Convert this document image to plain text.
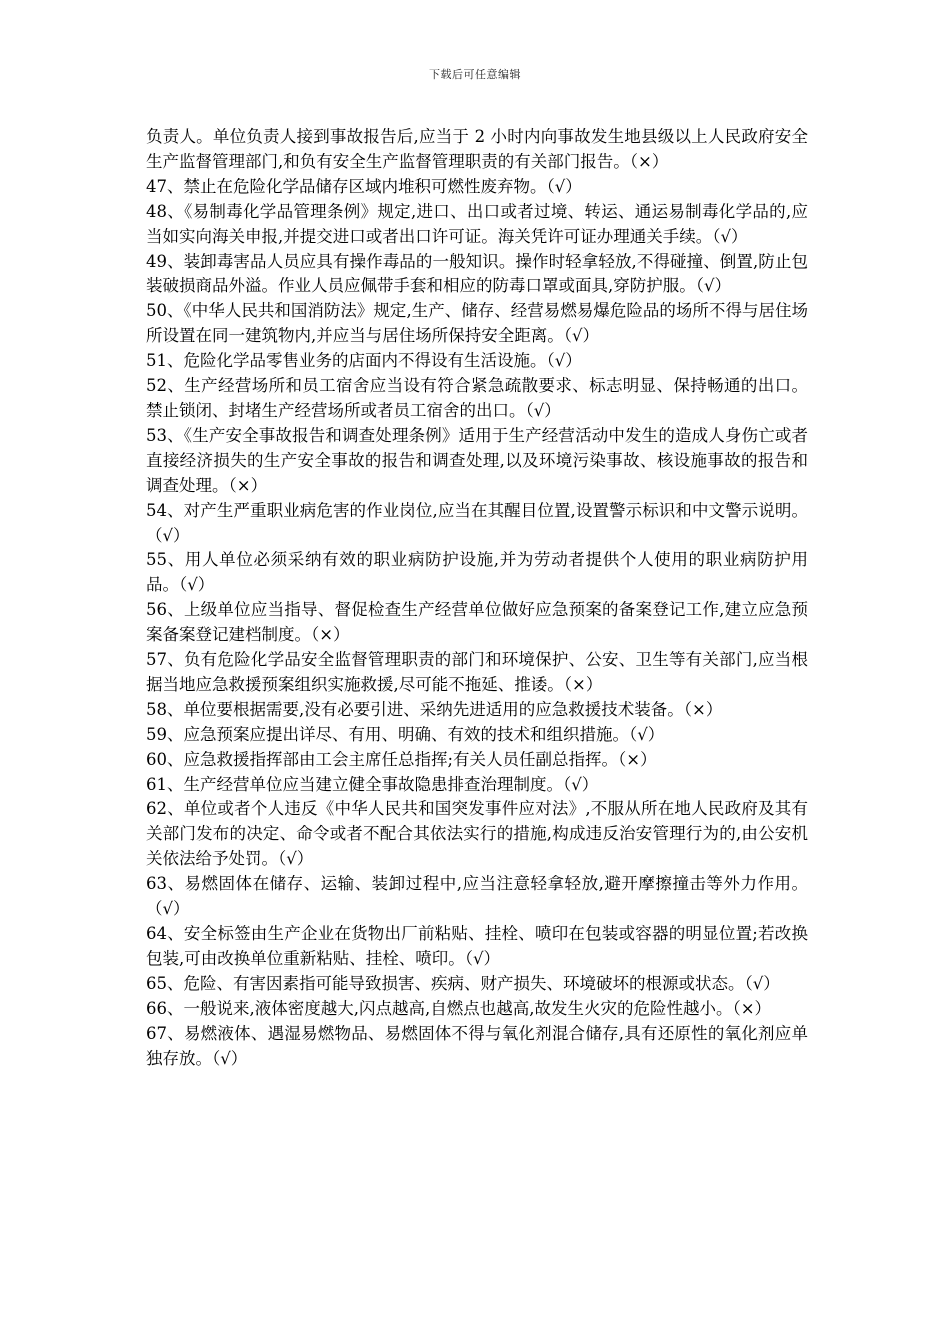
下载后可任意编辑

负责人。单位负责人接到事故报告后,应当于 2 小时内向事故发生地县级以上人民政府安全生产监督管理部门,和负有安全生产监督管理职责的有关部门报告。（×）

47、禁止在危险化学品储存区域内堆积可燃性废弃物。（√）

48、《易制毒化学品管理条例》规定,进口、出口或者过境、转运、通运易制毒化学品的,应当如实向海关申报,并提交进口或者出口许可证。海关凭许可证办理通关手续。（√）

49、装卸毒害品人员应具有操作毒品的一般知识。操作时轻拿轻放,不得碰撞、倒置,防止包装破损商品外溢。作业人员应佩带手套和相应的防毒口罩或面具,穿防护服。（√）

50、《中华人民共和国消防法》规定,生产、储存、经营易燃易爆危险品的场所不得与居住场所设置在同一建筑物内,并应当与居住场所保持安全距离。（√）

51、危险化学品零售业务的店面内不得设有生活设施。（√）

52、生产经营场所和员工宿舍应当设有符合紧急疏散要求、标志明显、保持畅通的出口。禁止锁闭、封堵生产经营场所或者员工宿舍的出口。（√）

53、《生产安全事故报告和调查处理条例》适用于生产经营活动中发生的造成人身伤亡或者直接经济损失的生产安全事故的报告和调查处理,以及环境污染事故、核设施事故的报告和调查处理。（×）

54、对产生严重职业病危害的作业岗位,应当在其醒目位置,设置警示标识和中文警示说明。（√）

55、用人单位必须采纳有效的职业病防护设施,并为劳动者提供个人使用的职业病防护用品。（√）

56、上级单位应当指导、督促检查生产经营单位做好应急预案的备案登记工作,建立应急预案备案登记建档制度。（×）

57、负有危险化学品安全监督管理职责的部门和环境保护、公安、卫生等有关部门,应当根据当地应急救援预案组织实施救援,尽可能不拖延、推诿。（×）

58、单位要根据需要,没有必要引进、采纳先进适用的应急救援技术装备。（×）

59、应急预案应提出详尽、有用、明确、有效的技术和组织措施。（√）

60、应急救援指挥部由工会主席任总指挥;有关人员任副总指挥。（×）

61、生产经营单位应当建立健全事故隐患排查治理制度。（√）

62、单位或者个人违反《中华人民共和国突发事件应对法》,不服从所在地人民政府及其有关部门发布的决定、命令或者不配合其依法实行的措施,构成违反治安管理行为的,由公安机关依法给予处罚。（√）

63、易燃固体在储存、运输、装卸过程中,应当注意轻拿轻放,避开摩擦撞击等外力作用。（√）

64、安全标签由生产企业在货物出厂前粘贴、挂栓、喷印在包装或容器的明显位置;若改换包装,可由改换单位重新粘贴、挂栓、喷印。（√）

65、危险、有害因素指可能导致损害、疾病、财产损失、环境破坏的根源或状态。（√）

66、一般说来,液体密度越大,闪点越高,自燃点也越高,故发生火灾的危险性越小。（×）

67、易燃液体、遇湿易燃物品、易燃固体不得与氧化剂混合储存,具有还原性的氧化剂应单独存放。（√）
